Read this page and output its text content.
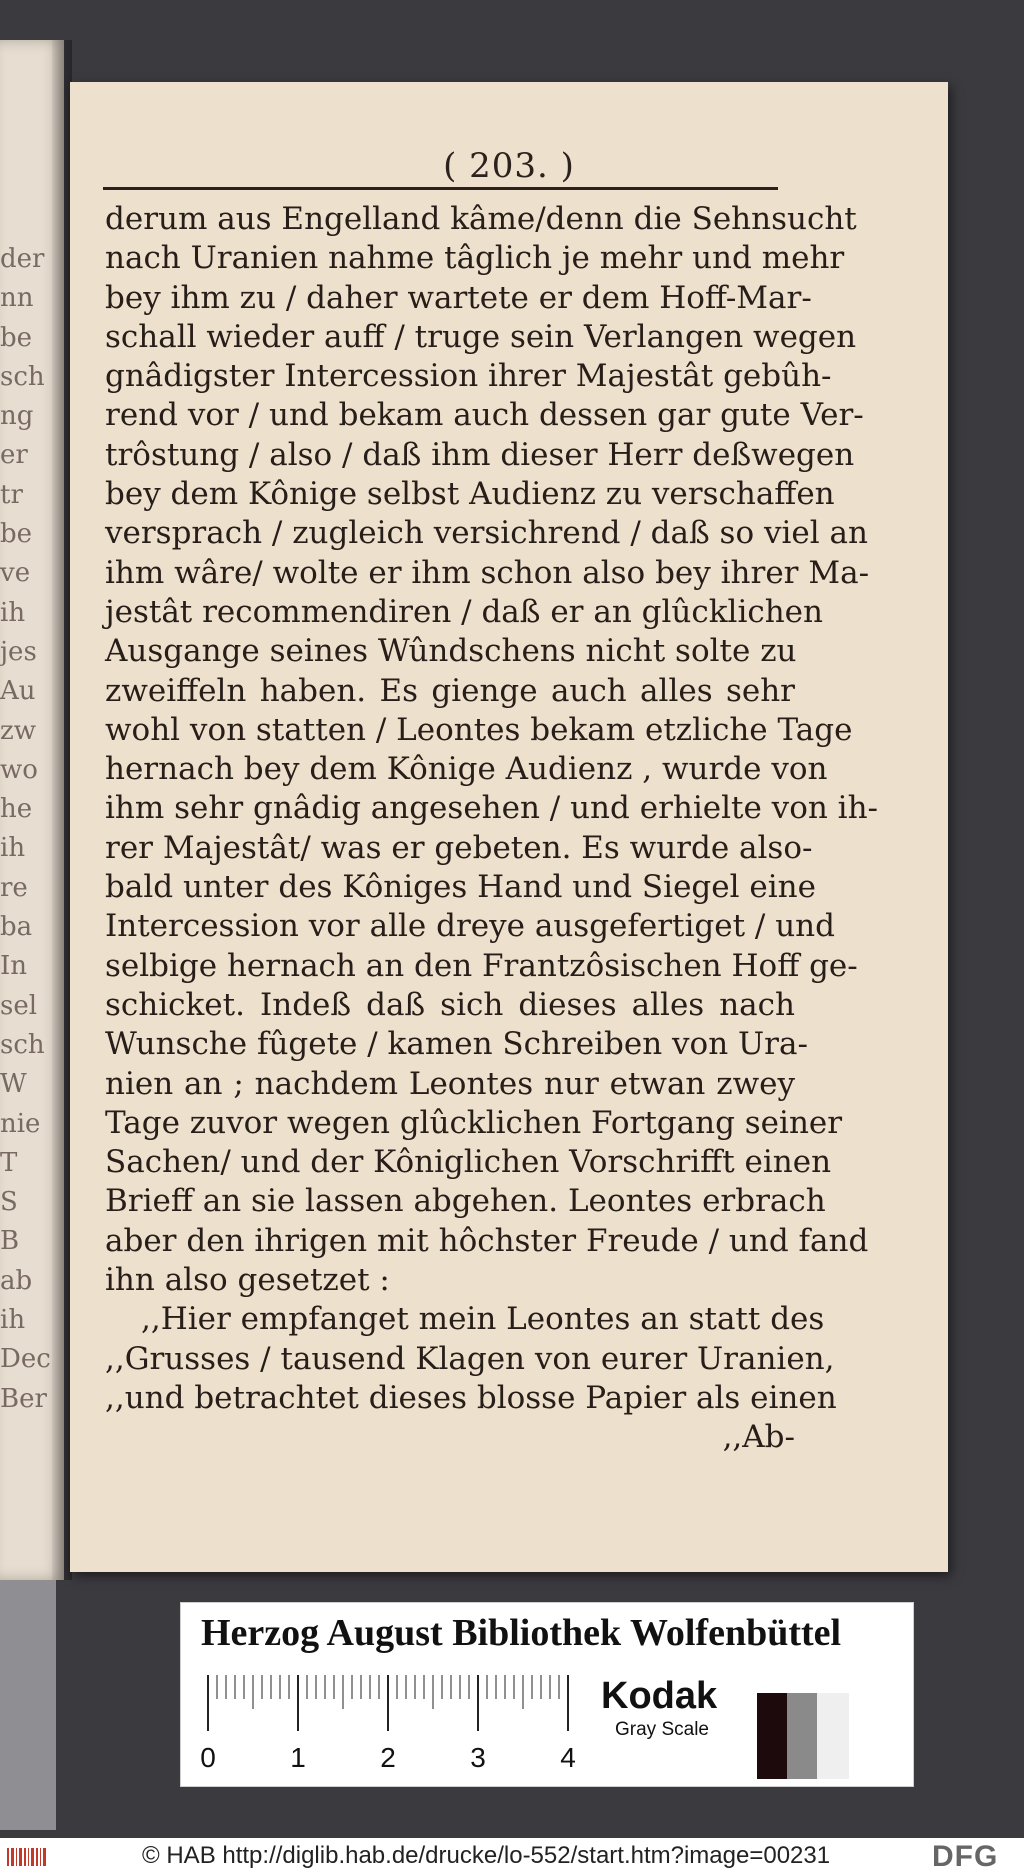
der
nn
be
sch
ng
er
tr
be
ve
ih
jes
Au
zw
wo
he
ih
re
ba
In
sel
sch
W
nie
T
S
B
ab
ih
Dec
Ber
( 203. )
derum aus Engelland kâme/denn die Sehnsucht
nach Uranien nahme tâglich je mehr und mehr
bey ihm zu / daher wartete er dem Hoff-Mar-
schall wieder auff / truge sein Verlangen wegen
gnâdigster Intercession ihrer Majestât gebûh-
rend vor / und bekam auch dessen gar gute Ver-
trôstung / also / daß ihm dieser Herr deßwegen
bey dem Kônige selbst Audienz zu verschaffen
versprach / zugleich versichrend / daß so viel an
ihm wâre/ wolte er ihm schon also bey ihrer Ma-
jestât recommendiren / daß er an glûcklichen
Ausgange seines Wûndschens nicht solte zu
zweiffeln haben. Es gienge auch alles sehr
wohl von statten / Leontes bekam etzliche Tage
hernach bey dem Kônige Audienz , wurde von
ihm sehr gnâdig angesehen / und erhielte von ih-
rer Majestât/ was er gebeten. Es wurde also-
bald unter des Kôniges Hand und Siegel eine
Intercession vor alle dreye ausgefertiget / und
selbige hernach an den Frantzôsischen Hoff ge-
schicket. Indeß daß sich dieses alles nach
Wunsche fûgete / kamen Schreiben von Ura-
nien an ; nachdem Leontes nur etwan zwey
Tage zuvor wegen glûcklichen Fortgang seiner
Sachen/ und der Kôniglichen Vorschrifft einen
Brieff an sie lassen abgehen. Leontes erbrach
aber den ihrigen mit hôchster Freude / und fand
ihn also gesetzet :
,,Hier empfanget mein Leontes an statt des
,,Grusses / tausend Klagen von eurer Uranien,
,,und betrachtet dieses blosse Papier als einen
,,Ab-
Herzog August Bibliothek Wolfenbüttel
0	1	2	3	4
Kodak
Gray Scale
© HAB http://diglib.hab.de/drucke/lo-552/start.htm?image=00231	DFG
